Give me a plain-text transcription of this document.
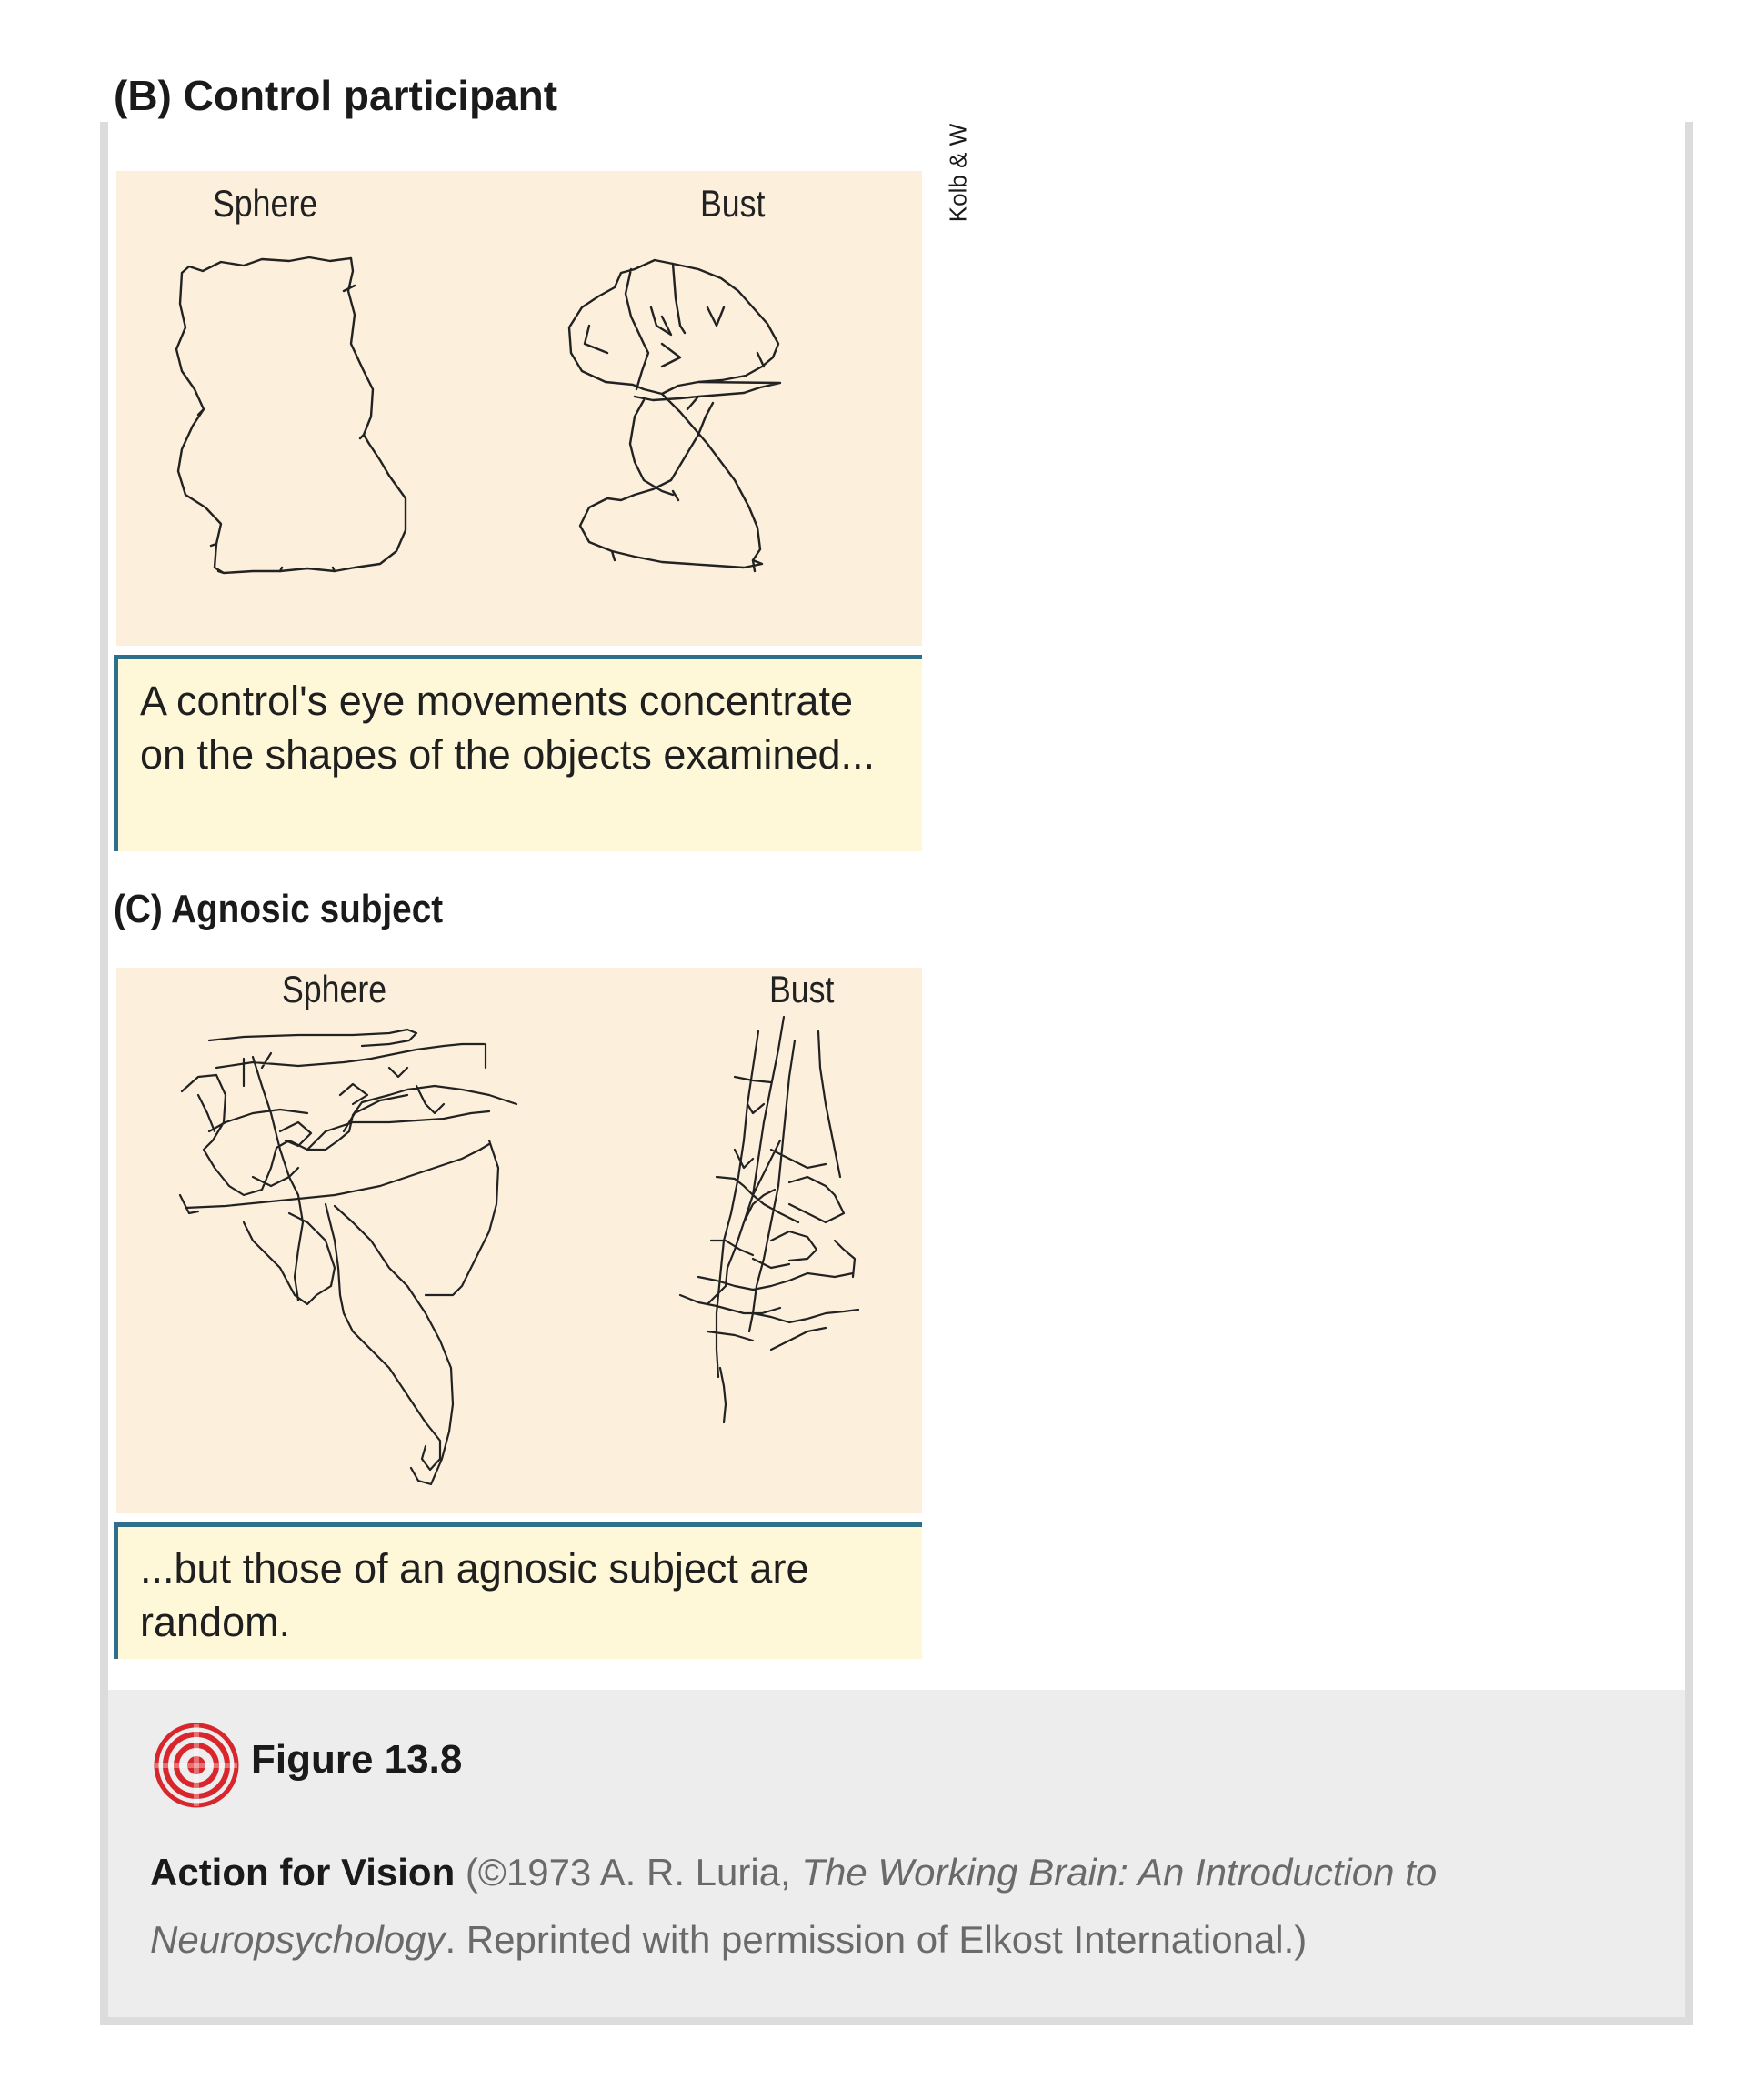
(B) Control participant
Kolb & W
Sphere	Bust

A control's eye movements concentrate on the shapes of the objects examined...

(C) Agnosic subject
Sphere	Bust

...but those of an agnosic subject are random.

Figure 13.8
Action for Vision (©1973 A. R. Luria, The Working Brain: An Introduction to Neuropsychology. Reprinted with permission of Elkost International.)
